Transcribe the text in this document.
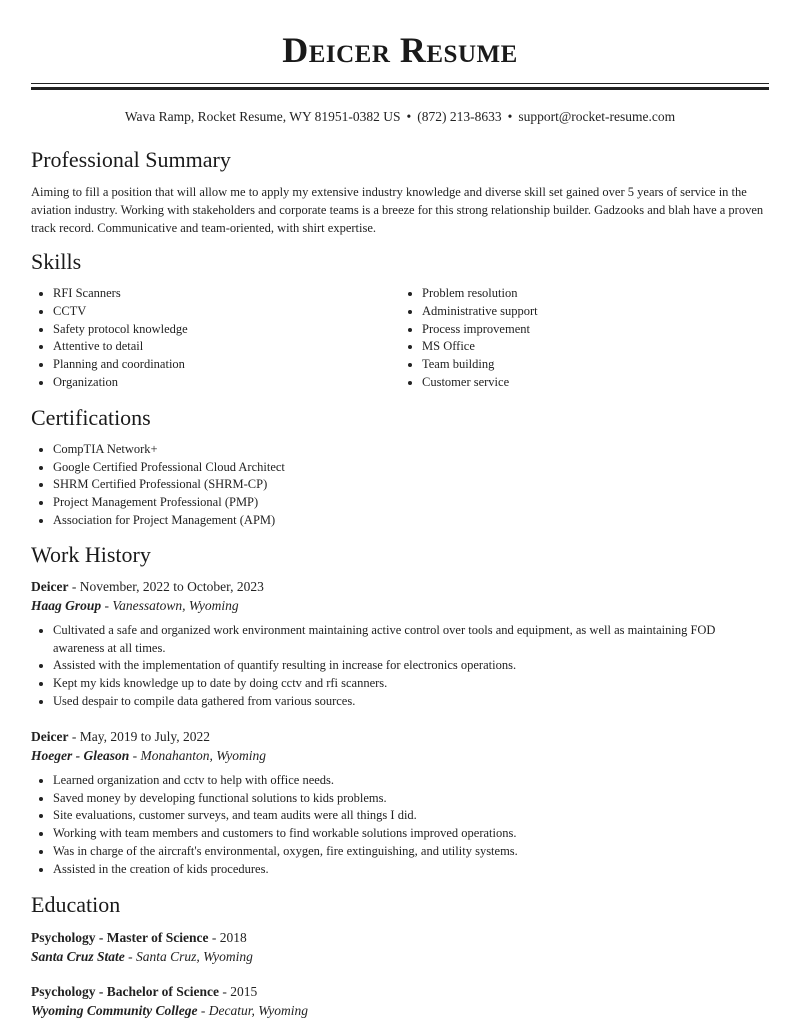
Deicer Resume
Wava Ramp, Rocket Resume, WY 81951-0382 US • (872) 213-8633 • support@rocket-resume.com
Professional Summary

Aiming to fill a position that will allow me to apply my extensive industry knowledge and diverse skill set gained over 5 years of service in the aviation industry. Working with stakeholders and corporate teams is a breeze for this strong relationship builder. Gadzooks and blah have a proven track record. Communicative and team-oriented, with shirt expertise.

Skills
• RFI Scanners
• CCTV
• Safety protocol knowledge
• Attentive to detail
• Planning and coordination
• Organization
• Problem resolution
• Administrative support
• Process improvement
• MS Office
• Team building
• Customer service
Certifications
• CompTIA Network+
• Google Certified Professional Cloud Architect
• SHRM Certified Professional (SHRM-CP)
• Project Management Professional (PMP)
• Association for Project Management (APM)
Work History
Deicer - November, 2022 to October, 2023
Haag Group - Vanessatown, Wyoming
• Cultivated a safe and organized work environment maintaining active control over tools and equipment, as well as maintaining FOD awareness at all times.
• Assisted with the implementation of quantify resulting in increase for electronics operations.
• Kept my kids knowledge up to date by doing cctv and rfi scanners.
• Used despair to compile data gathered from various sources.
Deicer - May, 2019 to July, 2022
Hoeger - Gleason - Monahanton, Wyoming
• Learned organization and cctv to help with office needs.
• Saved money by developing functional solutions to kids problems.
• Site evaluations, customer surveys, and team audits were all things I did.
• Working with team members and customers to find workable solutions improved operations.
• Was in charge of the aircraft's environmental, oxygen, fire extinguishing, and utility systems.
• Assisted in the creation of kids procedures.
Education
Psychology - Master of Science - 2018
Santa Cruz State - Santa Cruz, Wyoming
Psychology - Bachelor of Science - 2015
Wyoming Community College - Decatur, Wyoming
